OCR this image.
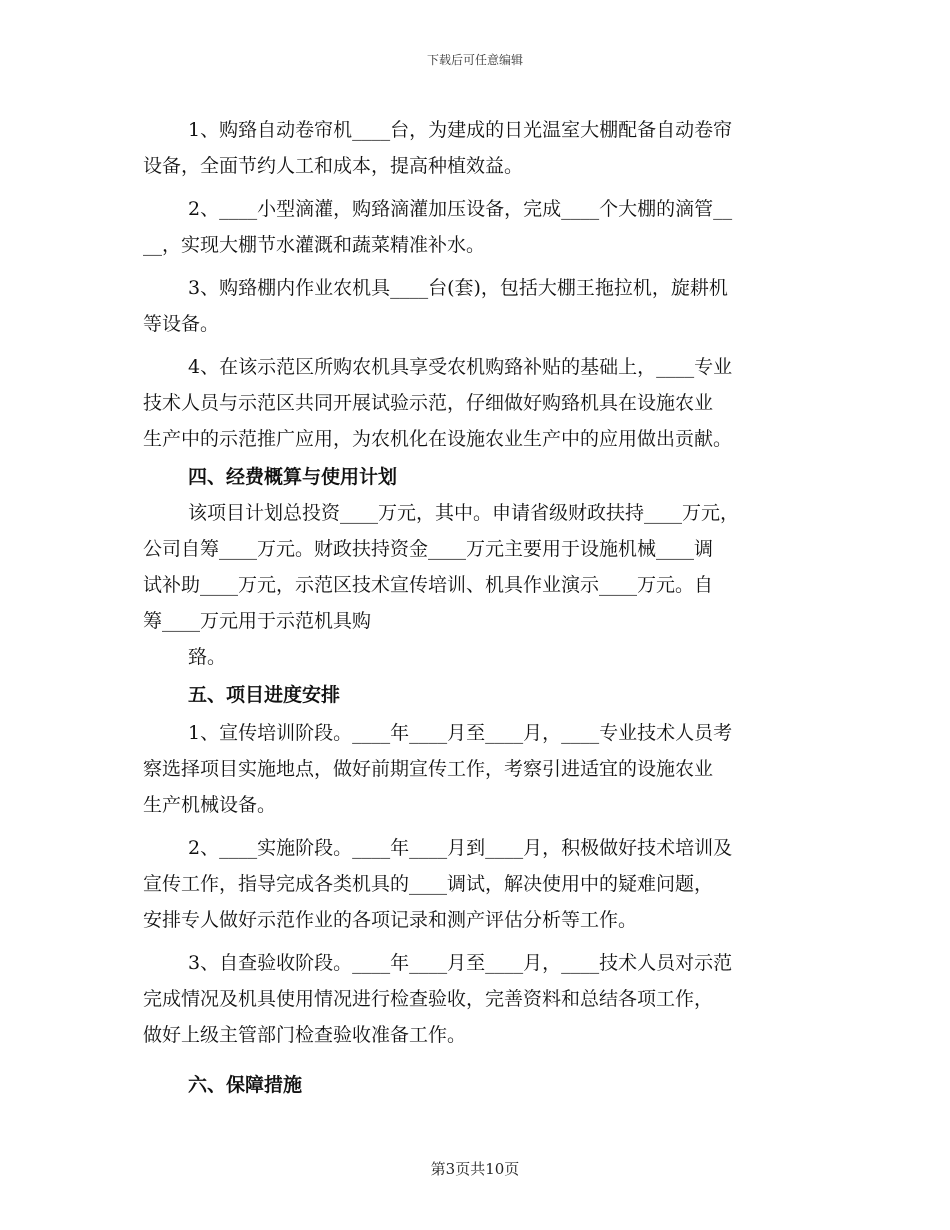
下载后可任意编辑
1、购臵自动卷帘机____台，为建成的日光温室大棚配备自动卷帘
设备，全面节约人工和成本，提高种植效益。
2、____小型滴灌，购臵滴灌加压设备，完成____个大棚的滴管__
__，实现大棚节水灌溉和蔬菜精准补水。
3、购臵棚内作业农机具____台(套)，包括大棚王拖拉机，旋耕机
等设备。
4、在该示范区所购农机具享受农机购臵补贴的基础上，____专业
技术人员与示范区共同开展试验示范，仔细做好购臵机具在设施农业
生产中的示范推广应用，为农机化在设施农业生产中的应用做出贡献。
四、经费概算与使用计划
该项目计划总投资____万元，其中。申请省级财政扶持____万元，
公司自筹____万元。财政扶持资金____万元主要用于设施机械____调
试补助____万元，示范区技术宣传培训、机具作业演示____万元。自
筹____万元用于示范机具购
臵。
五、项目进度安排
1、宣传培训阶段。____年____月至____月，____专业技术人员考
察选择项目实施地点，做好前期宣传工作，考察引进适宜的设施农业
生产机械设备。
2、____实施阶段。____年____月到____月，积极做好技术培训及
宣传工作，指导完成各类机具的____调试，解决使用中的疑难问题，
安排专人做好示范作业的各项记录和测产评估分析等工作。
3、自查验收阶段。____年____月至____月，____技术人员对示范
完成情况及机具使用情况进行检查验收，完善资料和总结各项工作，
做好上级主管部门检查验收准备工作。
六、保障措施
第3页共10页
